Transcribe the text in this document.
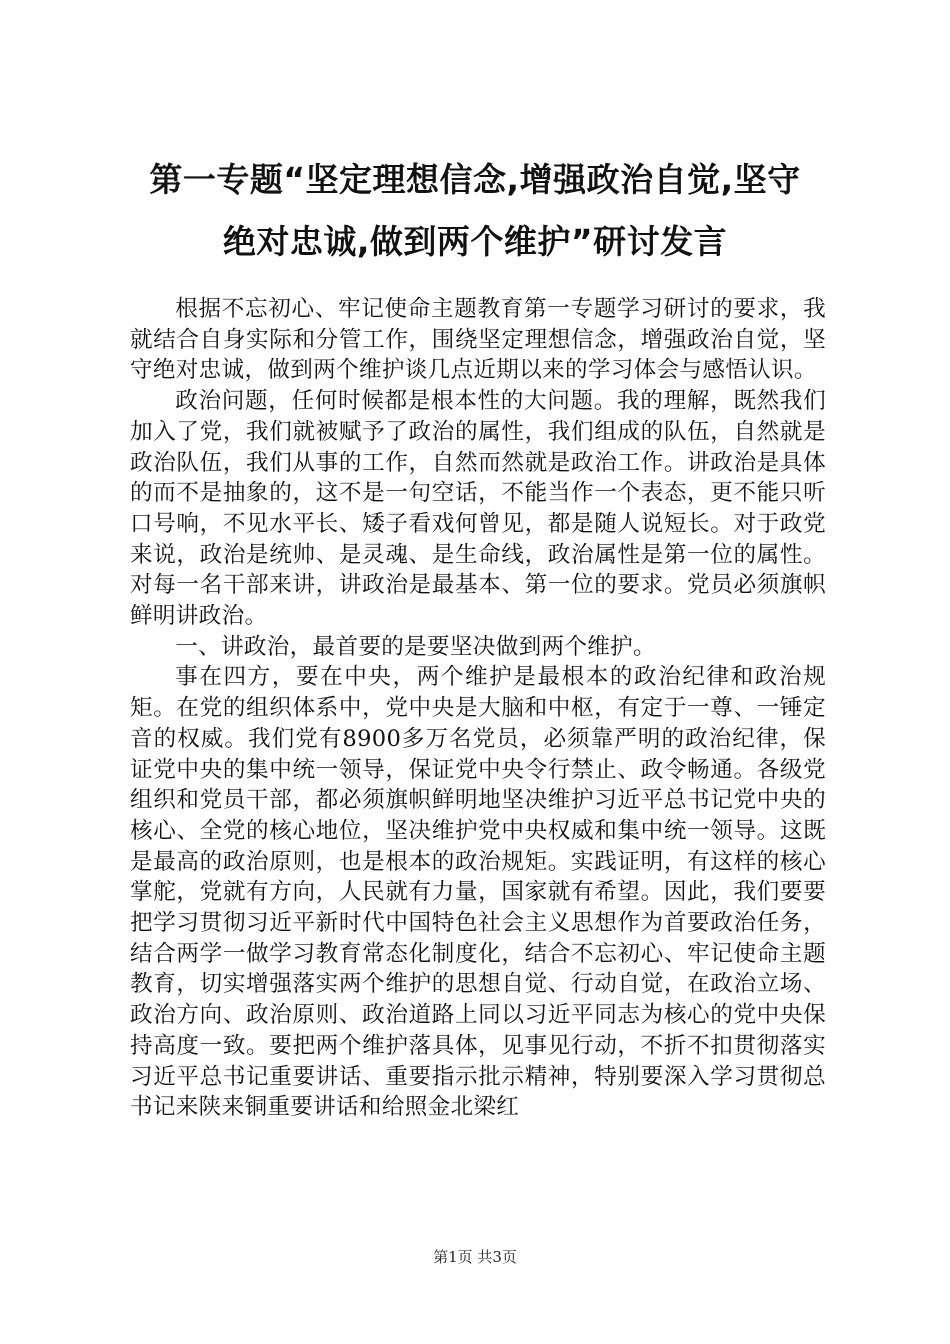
第一专题“坚定理想信念,增强政治自觉,坚守
绝对忠诚,做到两个维护”研讨发言

根据不忘初心、牢记使命主题教育第一专题学习研讨的要求，我就结合自身实际和分管工作，围绕坚定理想信念，增强政治自觉，坚守绝对忠诚，做到两个维护谈几点近期以来的学习体会与感悟认识。

政治问题，任何时候都是根本性的大问题。我的理解，既然我们加入了党，我们就被赋予了政治的属性，我们组成的队伍，自然就是政治队伍，我们从事的工作，自然而然就是政治工作。讲政治是具体的而不是抽象的，这不是一句空话，不能当作一个表态，更不能只听口号响，不见水平长、矮子看戏何曾见，都是随人说短长。对于政党来说，政治是统帅、是灵魂、是生命线，政治属性是第一位的属性。对每一名干部来讲，讲政治是最基本、第一位的要求。党员必须旗帜鲜明讲政治。

一、讲政治，最首要的是要坚决做到两个维护。

事在四方，要在中央，两个维护是最根本的政治纪律和政治规矩。在党的组织体系中，党中央是大脑和中枢，有定于一尊、一锤定音的权威。我们党有8900多万名党员，必须靠严明的政治纪律，保证党中央的集中统一领导，保证党中央令行禁止、政令畅通。各级党组织和党员干部，都必须旗帜鲜明地坚决维护习近平总书记党中央的核心、全党的核心地位，坚决维护党中央权威和集中统一领导。这既是最高的政治原则，也是根本的政治规矩。实践证明，有这样的核心掌舵，党就有方向，人民就有力量，国家就有希望。因此，我们要要把学习贯彻习近平新时代中国特色社会主义思想作为首要政治任务，结合两学一做学习教育常态化制度化，结合不忘初心、牢记使命主题教育，切实增强落实两个维护的思想自觉、行动自觉，在政治立场、政治方向、政治原则、政治道路上同以习近平同志为核心的党中央保持高度一致。要把两个维护落具体，见事见行动，不折不扣贯彻落实习近平总书记重要讲话、重要指示批示精神，特别要深入学习贯彻总书记来陕来铜重要讲话和给照金北梁红

第1页 共3页
